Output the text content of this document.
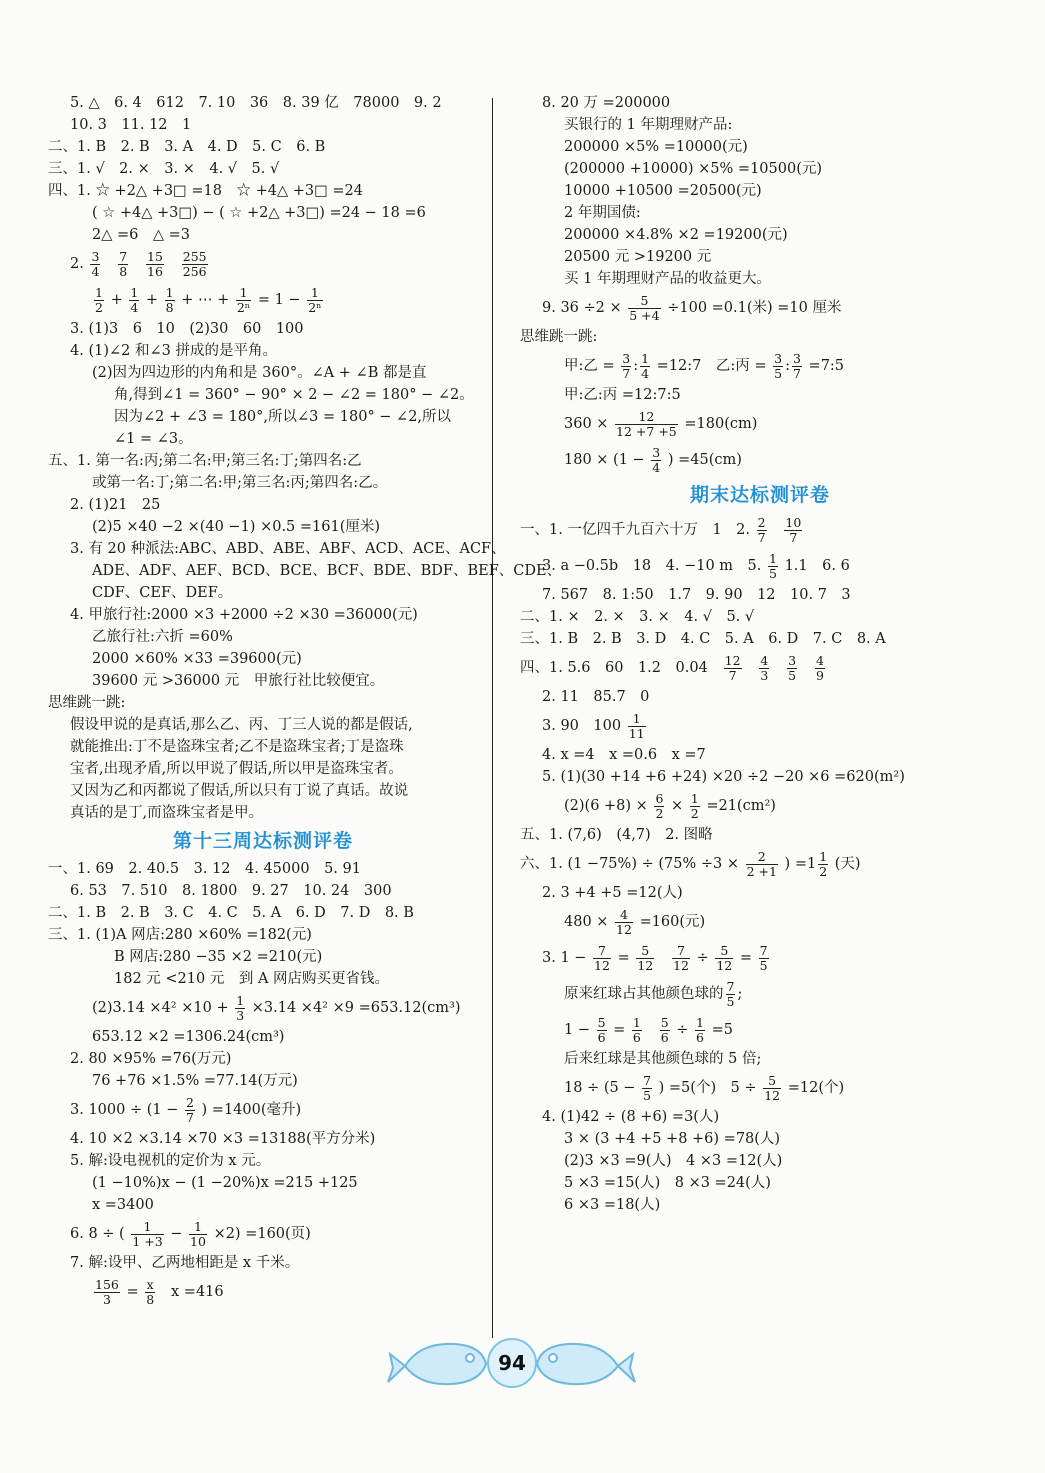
5. △　6. 4　612　7. 10　36　8. 39 亿　78000　9. 2
10. 3　11. 12　1
二、1. B　2. B　3. A　4. D　5. C　6. B
三、1. √　2. ×　3. ×　4. √　5. √
四、1. ☆ +2△ +3□ =18　☆ +4△ +3□ =24
( ☆ +4△ +3□) − ( ☆ +2△ +3□) =24 − 18 =6
2△ =6　△ =3
2. $\frac{3}{4}$
$\frac{7}{8}$
$\frac{15}{16}$
$\frac{255}{256}$
$\frac{1}{2} + \frac{1}{4} + \frac{1}{8}$ + ⋯ + $\frac{1}{\text{2ⁿ}} = 1 - \frac{1}{\text{2ⁿ}}$
3. (1)3　6　10　(2)30　60　100
4. (1)∠2 和∠3 拼成的是平角。
(2)因为四边形的内角和是 360°。∠A + ∠B 都是直
角,得到∠1 = 360° − 90° × 2 − ∠2 = 180° − ∠2。
因为∠2 + ∠3 = 180°,所以∠3 = 180° − ∠2,所以
∠1 = ∠3。
五、1. 第一名:丙;第二名:甲;第三名:丁;第四名:乙
或第一名:丁;第二名:甲;第三名:丙;第四名:乙。
2. (1)21　25
(2)5 ×40 −2 ×(40 −1) ×0.5 =161(厘米)
3. 有 20 种派法:ABC、ABD、ABE、ABF、ACD、ACE、ACF、
ADE、ADF、AEF、BCD、BCE、BCF、BDE、BDF、BEF、CDE、
CDF、CEF、DEF。
4. 甲旅行社:2000 ×3 +2000 ÷2 ×30 =36000(元)
乙旅行社:六折 =60%
2000 ×60% ×33 =39600(元)
39600 元 >36000 元　甲旅行社比较便宜。
思维跳一跳:
假设甲说的是真话,那么乙、丙、丁三人说的都是假话,
就能推出:丁不是盗珠宝者;乙不是盗珠宝者;丁是盗珠
宝者,出现矛盾,所以甲说了假话,所以甲是盗珠宝者。
又因为乙和丙都说了假话,所以只有丁说了真话。故说
真话的是丁,而盗珠宝者是甲。
第十三周达标测评卷
一、1. 69　2. 40.5　3. 12　4. 45000　5. 91
6. 53　7. 510　8. 1800　9. 27　10. 24　300
二、1. B　2. B　3. C　4. C　5. A　6. D　7. D　8. B
三、1. (1)A 网店:280 ×60% =182(元)
B 网店:280 −35 ×2 =210(元)
182 元 <210 元　到 A 网店购买更省钱。
$(2)3.14 \times 4^2 \times 10 + \frac{1}{3} \times 3.14 \times 4^2 \times 9 =653.12(cm^3)$
653.12 ×2 =1306.24(cm³)
2. 80 ×95% =76(万元)
76 +76 ×1.5% =77.14(万元)
3. $1000 \div (1 - \frac{2}{7}$ ) =1400(毫升)
4. 10 ×2 ×3.14 ×70 ×3 =13188(平方分米)
5. 解:设电视机的定价为 x 元。
(1 −10%)x − (1 −20%)x =215 +125
x =3400
6. 8 ÷ ( $\frac{1}{1 +3} - \frac{1}{10} \times 2) =160$(页)
7. 解:设甲、乙两地相距是 x 千米。
$\frac{156}{3} = \frac{x}{8}$ x =416
8. 20 万 =200000
买银行的 1 年期理财产品:
200000 ×5% =10000(元)
(200000 +10000) ×5% =10500(元)
10000 +10500 =20500(元)
2 年期国债:
200000 ×4.8% ×2 =19200(元)
20500 元 >19200 元
买 1 年期理财产品的收益更大。
9. $36 \div 2 \times \frac{5}{5 +4} \div 100 =0.1$(米) =10 厘米
思维跳一跳:
甲:乙 = $\frac{3}{7}$ : $\frac{1}{4}$ =12:7　乙:丙 = $\frac{3}{5}$ : $\frac{3}{7}$ =7:5
甲:乙:丙 =12:7:5
$360 \times \frac{12}{12 +7 +5} =180(cm)$
$180 \times (1 - \frac{3}{4}$ ) =45(cm)
期末达标测评卷
一、1. 一亿四千九百六十万　1　2. $\frac{2}{7}$
$\frac{10}{7}$
3. a −0.5b　18　4. −10 m　5. $\frac{1}{5} 1.1$　6. 6
7. 567　8. 1:50　1.7　9. 90　12　10. 7　3
二、1. ×　2. ×　3. ×　4. √　5. √
三、1. B　2. B　3. D　4. C　5. A　6. D　7. C　8. A
四、1. 5.6　60　1.2　$0.04 \frac{12}{7}$
$\frac{4}{3}$
$\frac{3}{5}$
$\frac{4}{9}$
2. 11　85.7　0
3. 90　$100 \frac{1}{11}$
4. x =4　x =0.6　x =7
5. (1)(30 +14 +6 +24) ×20 ÷2 −20 ×6 =620(m²)
$(2)(6 +8) \times \frac{6}{2} \times \frac{1}{2} =21(cm^2)$
五、1. (7,6)　(4,7)　2. 图略
六、1. $(1 -75\%) \div (75\% \div 3 \times \frac{2}{2 +1}$ ) $=1 \frac{1}{2}$ (天)
2. 3 +4 +5 =12(人)
$480 \times \frac{4}{12} =160$(元)
3. $1 - \frac{7}{12} = \frac{5}{12}$
$\frac{7}{12} \div \frac{5}{12} = \frac{7}{5}$
原来红球占其他颜色球的 $\frac{7}{5}$ ;
$1 - \frac{5}{6} = \frac{1}{6}$
$\frac{5}{6} \div \frac{1}{6} =5$
后来红球是其他颜色球的 5 倍;
$18 \div (5 - \frac{7}{5}$ ) =5(个)　$5 \div \frac{5}{12} =12$(个)
4. (1)42 ÷ (8 +6) =3(人)
3 × (3 +4 +5 +8 +6) =78(人)
(2)3 ×3 =9(人)　4 ×3 =12(人)
5 ×3 =15(人)　8 ×3 =24(人)
6 ×3 =18(人)
94
